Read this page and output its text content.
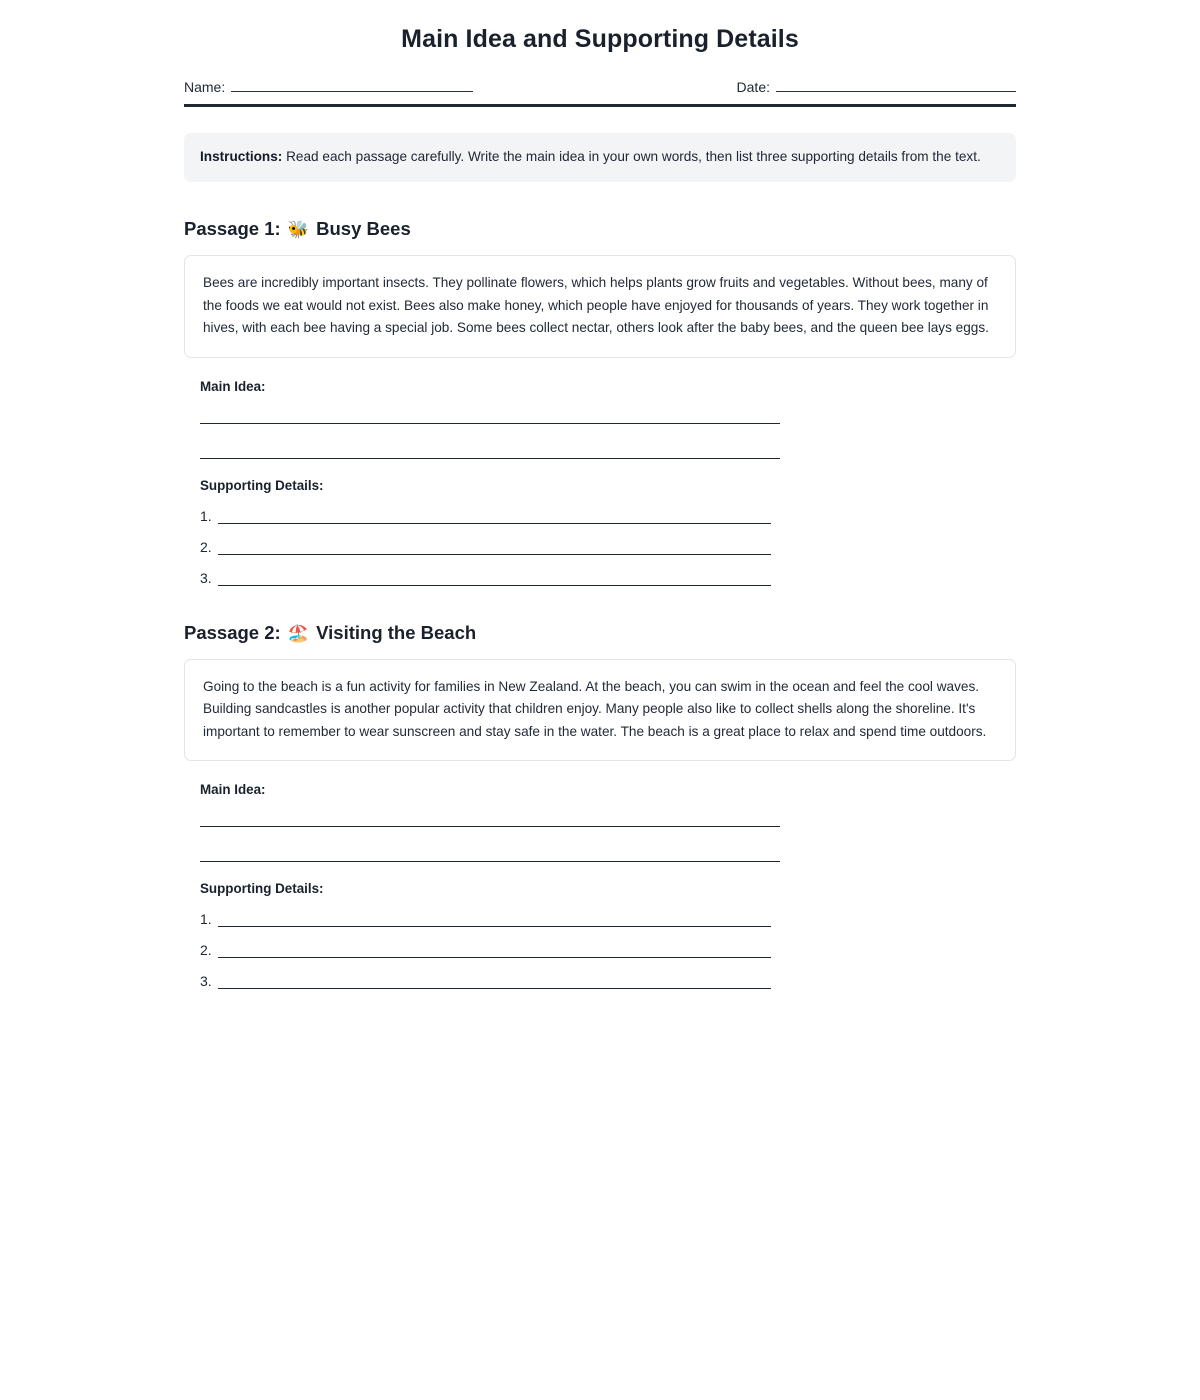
Main Idea and Supporting Details
Name:	Date:
Instructions: Read each passage carefully. Write the main idea in your own words, then list three supporting details from the text.
Passage 1: 🐝 Busy Bees
Bees are incredibly important insects. They pollinate flowers, which helps plants grow fruits and vegetables. Without bees, many of the foods we eat would not exist. Bees also make honey, which people have enjoyed for thousands of years. They work together in hives, with each bee having a special job. Some bees collect nectar, others look after the baby bees, and the queen bee lays eggs.
Main Idea:
Supporting Details:
1.
2.
3.
Passage 2: 🏖️ Visiting the Beach
Going to the beach is a fun activity for families in New Zealand. At the beach, you can swim in the ocean and feel the cool waves. Building sandcastles is another popular activity that children enjoy. Many people also like to collect shells along the shoreline. It's important to remember to wear sunscreen and stay safe in the water. The beach is a great place to relax and spend time outdoors.
Main Idea:
Supporting Details:
1.
2.
3.
